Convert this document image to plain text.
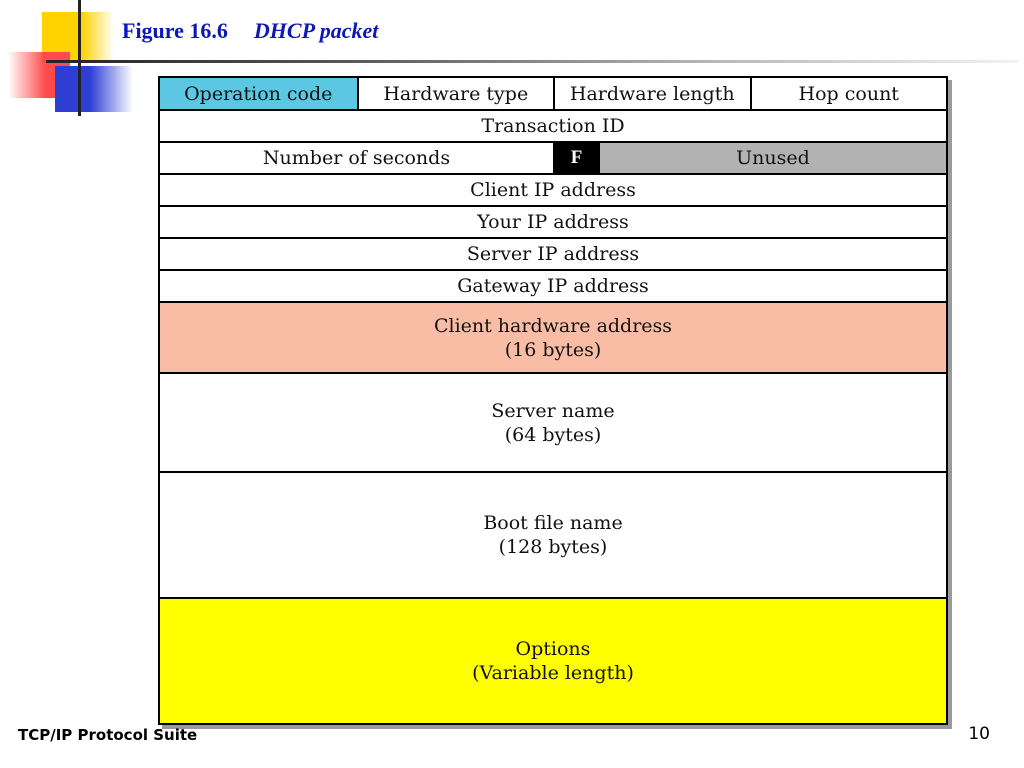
Figure 16.6 DHCP packet
Operation code	Hardware type	Hardware length	Hop count
Transaction ID
Number of seconds	F	Unused
Client IP address
Your IP address
Server IP address
Gateway IP address
Client hardware address
(16 bytes)
Server name
(64 bytes)
Boot file name
(128 bytes)
Options
(Variable length)
TCP/IP Protocol Suite	10
